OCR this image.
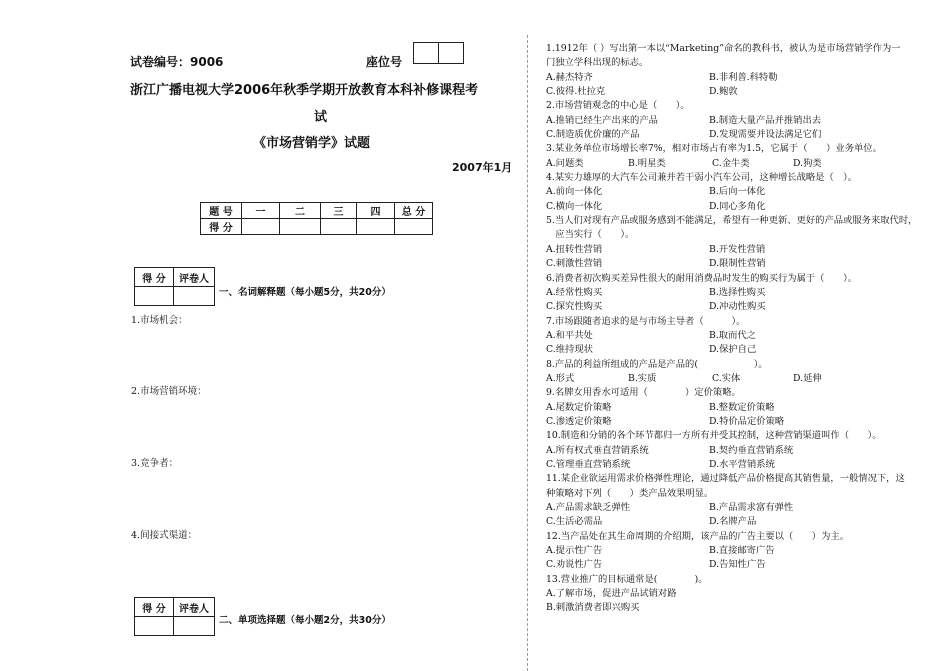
试卷编号：9006	座位号

浙江广播电视大学2006年秋季学期开放教育本科补修课程考
试
《市场营销学》试题
2007年1月
题 号	一	二	三	四	总 分
得 分					
得 分	评卷人

一、名词解释题（每小题5分，共20分）
1.市场机会：
2.市场营销环境：
3.竞争者：
4.间接式渠道：
得 分	评卷人

二、单项选择题（每小题2分，共30分）
1.1912年（ ）写出第一本以“Marketing”命名的教科书，被认为是市场营销学作为一
门独立学科出现的标志。
A.赫杰特齐	B.非利普.科特勒
C.彼得.杜拉克	D.鲍敦
2.市场营销观念的中心是（　　）。
A.推销已经生产出来的产品	B.制造大量产品并推销出去
C.制造质优价廉的产品	D.发现需要并设法满足它们
3.某业务单位市场增长率7%，相对市场占有率为1.5，它属于（　　）业务单位。
A.问题类	B.明星类	C.金牛类	D.狗类
4.某实力雄厚的大汽车公司兼并若干弱小汽车公司，这种增长战略是（　）。
A.前向一体化	B.后向一体化
C.横向一体化	D.同心多角化
5.当人们对现有产品或服务感到不能满足，希望有一种更新、更好的产品或服务来取代时，
　应当实行（　　）。
A.扭转性营销	B.开发性营销
C.刺激性营销	D.限制性营销
6.消费者初次购买差异性很大的耐用消费品时发生的购买行为属于（　　）。
A.经常性购买	B.选择性购买
C.探究性购买	D.冲动性购买
7.市场跟随者追求的是与市场主导者（　　　）。
A.和平共处	B.取而代之
C.维持现状	D.保护自己
8.产品的利益所组成的产品是产品的(　　　　　　）。
A.形式	B.实质	C.实体	D.延伸
9.名牌女用香水可适用（　　　　）定价策略。
A.尾数定价策略	B.整数定价策略
C.渗透定价策略	D.特价品定价策略
10.制造和分销的各个环节都归一方所有并受其控制，这种营销渠道叫作（　　）。
A.所有权式垂直营销系统	B.契约垂直营销系统
C.管理垂直营销系统	D.水平营销系统
11.某企业欲运用需求价格弹性理论，通过降低产品价格提高其销售量，一般情况下，这
种策略对下列（　　）类产品效果明显。
A.产品需求缺乏弹性	B.产品需求富有弹性
C.生活必需品	D.名牌产品
12.当产品处在其生命周期的介绍期，该产品的广告主要以（　　）为主。
A.提示性广告	B.直接邮寄广告
C.劝说性广告	D.告知性广告
13.营业推广的目标通常是(　　　　)。
A.了解市场，促进产品试销对路
B.刺激消费者即兴购买
